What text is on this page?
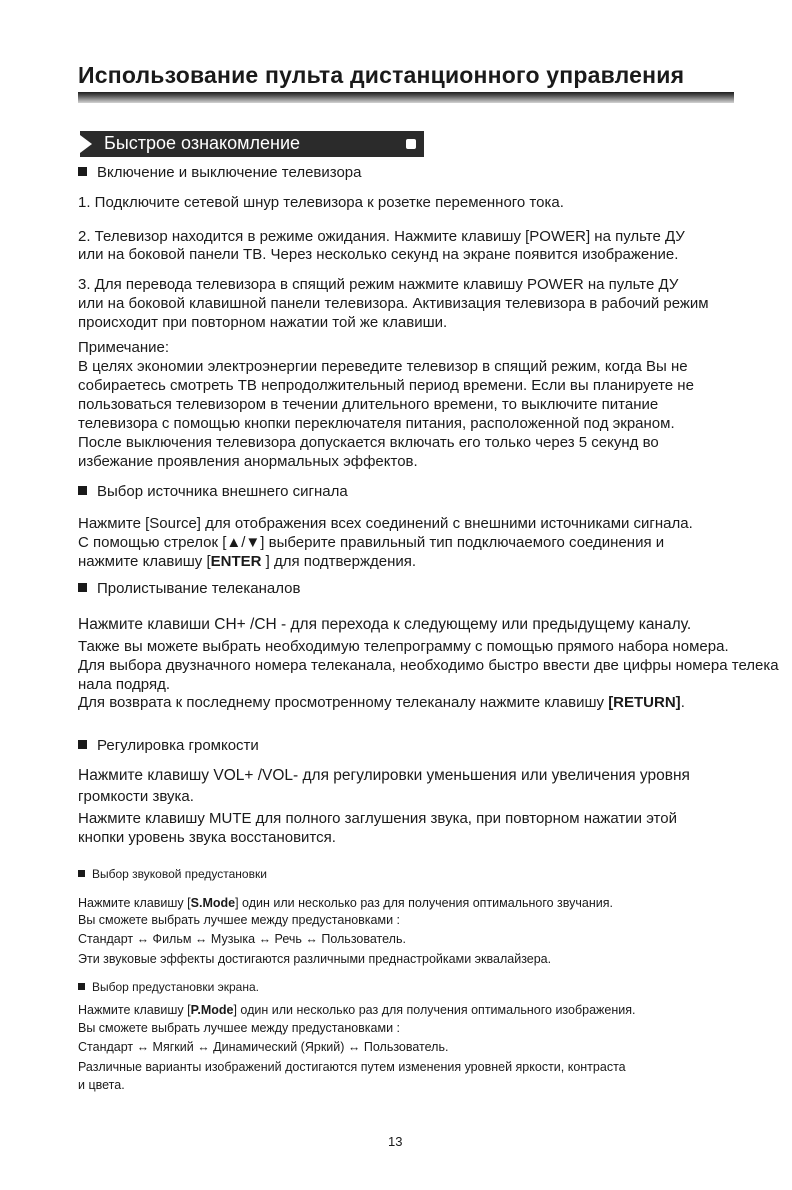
Использование пульта дистанционного управления
Быстрое ознакомление
Включение и выключение телевизора
1. Подключите сетевой шнур телевизора к розетке переменного тока.
2. Телевизор находится в режиме ожидания. Нажмите клавишу [POWER] на пульте ДУ
или на боковой панели ТВ. Через несколько секунд на экране появится изображение.
3. Для перевода телевизора в спящий режим нажмите клавишу POWER на пульте ДУ
или на боковой клавишной панели телевизора. Активизация телевизора в рабочий режим
происходит при повторном нажатии той же клавиши.
Примечание:
В целях экономии электроэнергии переведите телевизор в спящий режим, когда Вы не
собираетесь смотреть ТВ непродолжительный период времени. Если вы планируете не
пользоваться телевизором в течении длительного времени, то выключите питание
телевизора с помощью кнопки переключателя питания, расположенной под экраном.
После выключения телевизора допускается включать его только через 5 секунд во
избежание проявления анормальных эффектов.
Выбор источника внешнего сигнала
Нажмите [Source] для отображения всех соединений с внешними источниками сигнала.
С помощью стрелок [▲/▼] выберите правильный тип подключаемого соединения и
нажмите клавишу [ENTER ] для подтверждения.
Пролистывание телеканалов
Нажмите клавиши CH+ /CH - для перехода к следующему или предыдущему каналу.
Также вы можете выбрать необходимую телепрограмму с помощью прямого набора номера.
Для выбора двузначного номера телеканала, необходимо быстро ввести две цифры номера телека
нала подряд.
Для возврата к последнему просмотренному телеканалу нажмите клавишу [RETURN].
Регулировка громкости
Нажмите клавишу VOL+ /VOL- для регулировки уменьшения или увеличения уровня
громкости звука.
Нажмите клавишу MUTE для полного заглушения звука, при повторном нажатии этой
кнопки уровень звука восстановится.
Выбор звуковой предустановки
Нажмите клавишу [S.Mode] один или несколько раз для получения оптимального звучания.
Вы сможете выбрать лучшее между предустановками :
Стандарт ↔ Фильм ↔ Музыка ↔ Речь ↔ Пользователь.
Эти звуковые эффекты достигаются различными преднастройками эквалайзера.
Выбор предустановки экрана.
Нажмите клавишу [P.Mode] один или несколько раз для получения оптимального изображения.
Вы сможете выбрать лучшее между предустановками :
Стандарт ↔ Мягкий ↔ Динамический (Яркий) ↔ Пользователь.
Различные варианты изображений достигаются путем изменения уровней яркости, контраста
и цвета.
13
